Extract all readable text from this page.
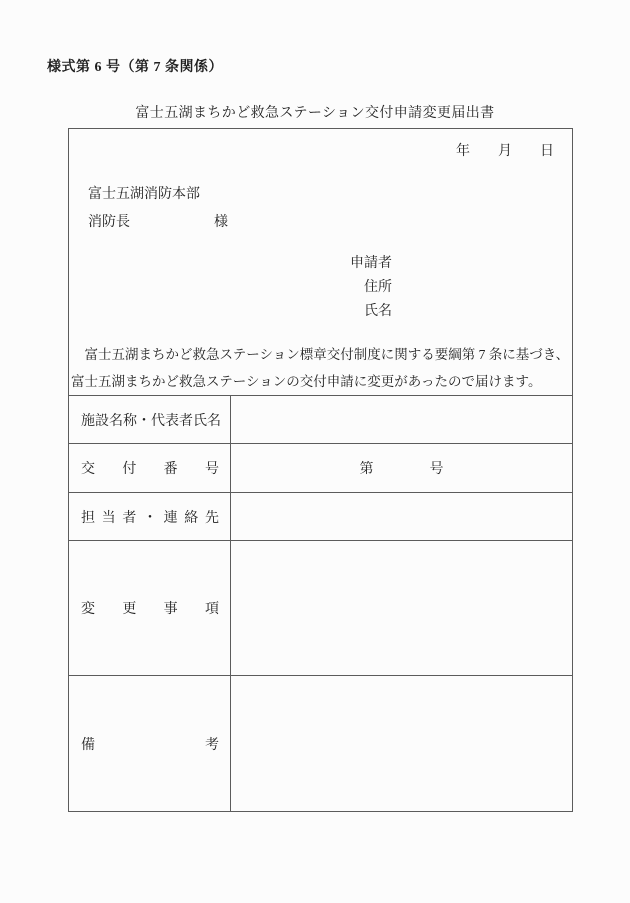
様式第 6 号（第 7 条関係）
富士五湖まちかど救急ステーション交付申請変更届出書
年　　月　　日
富士五湖消防本部
消防長　　　　　　様
申請者
住所
氏名
　富士五湖まちかど救急ステーション標章交付制度に関する要綱第 7 条に基づき、
富士五湖まちかど救急ステーションの交付申請に変更があったので届けます。
施 設 名 称 ・ 代 表 者 氏 名
交 付 番 号	第　　　　号
担 当 者 ・ 連 絡 先
変 更 事 項
備	考
